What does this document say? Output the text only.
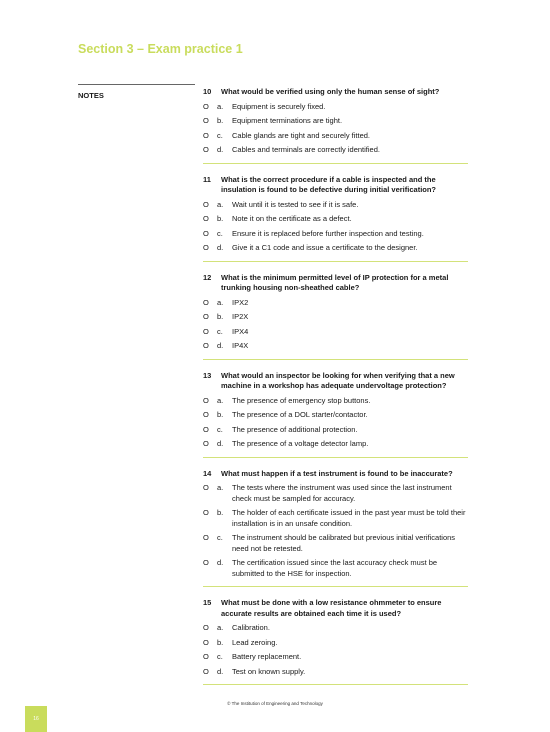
Section 3 – Exam practice 1
NOTES	10	What would be verified using only the human sense of sight?
O	a.	Equipment is securely fixed.
O	b.	Equipment terminations are tight.
O	c.	Cable glands are tight and securely fitted.
O	d.	Cables and terminals are correctly identified.
11	What is the correct procedure if a cable is inspected and the insulation is found to be defective during initial verification?
O	a.	Wait until it is tested to see if it is safe.
O	b.	Note it on the certificate as a defect.
O	c.	Ensure it is replaced before further inspection and testing.
O	d.	Give it a C1 code and issue a certificate to the designer.
12	What is the minimum permitted level of IP protection for a metal trunking housing non-sheathed cable?
O	a.	IPX2
O	b.	IP2X
O	c.	IPX4
O	d.	IP4X
13	What would an inspector be looking for when verifying that a new machine in a workshop has adequate undervoltage protection?
O	a.	The presence of emergency stop buttons.
O	b.	The presence of a DOL starter/contactor.
O	c.	The presence of additional protection.
O	d.	The presence of a voltage detector lamp.
14	What must happen if a test instrument is found to be inaccurate?
O	a.	The tests where the instrument was used since the last instrument check must be sampled for accuracy.
O	b.	The holder of each certificate issued in the past year must be told their installation is in an unsafe condition.
O	c.	The instrument should be calibrated but previous initial verifications need not be retested.
O	d.	The certification issued since the last accuracy check must be submitted to the HSE for inspection.
15	What must be done with a low resistance ohmmeter to ensure accurate results are obtained each time it is used?
O	a.	Calibration.
O	b.	Lead zeroing.
O	c.	Battery replacement.
O	d.	Test on known supply.
© The Institution of Engineering and Technology
16
